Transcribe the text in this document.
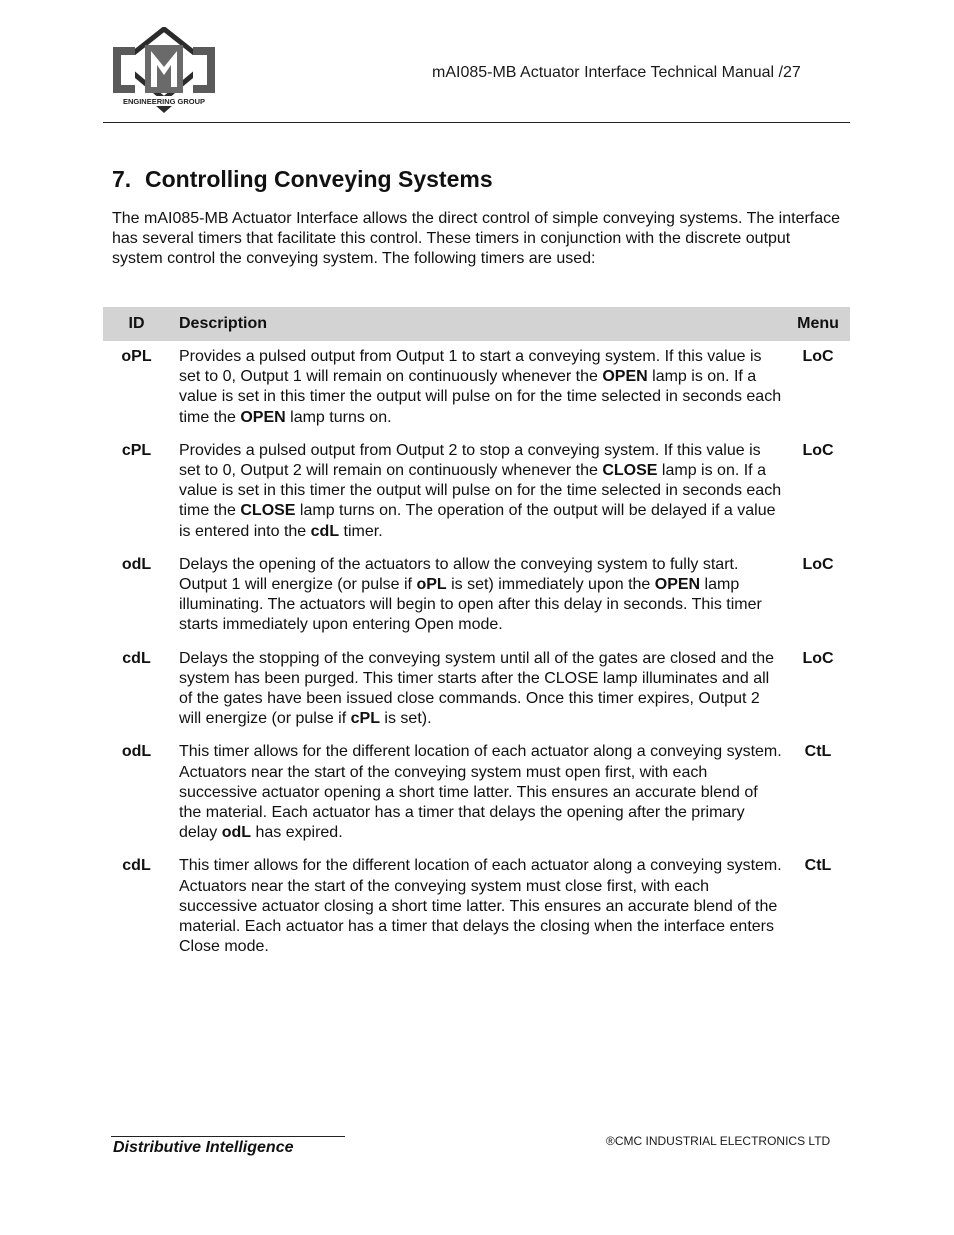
ENGINEERING GROUP
mAI085-MB Actuator Interface Technical Manual /27
7. Controlling Conveying Systems

The mAI085-MB Actuator Interface allows the direct control of simple conveying systems. The interface has several timers that facilitate this control. These timers in conjunction with the discrete output system control the conveying system. The following timers are used:

ID	Description	Menu
oPL	Provides a pulsed output from Output 1 to start a conveying system. If this value is set to 0, Output 1 will remain on continuously whenever the OPEN lamp is on. If a value is set in this timer the output will pulse on for the time selected in seconds each time the OPEN lamp turns on.	LoC
cPL	Provides a pulsed output from Output 2 to stop a conveying system. If this value is set to 0, Output 2 will remain on continuously whenever the CLOSE lamp is on. If a value is set in this timer the output will pulse on for the time selected in seconds each time the CLOSE lamp turns on. The operation of the output will be delayed if a value is entered into the cdL timer.	LoC
odL	Delays the opening of the actuators to allow the conveying system to fully start. Output 1 will energize (or pulse if oPL is set) immediately upon the OPEN lamp illuminating. The actuators will begin to open after this delay in seconds. This timer starts immediately upon entering Open mode.	LoC
cdL	Delays the stopping of the conveying system until all of the gates are closed and the system has been purged. This timer starts after the CLOSE lamp illuminates and all of the gates have been issued close commands. Once this timer expires, Output 2 will energize (or pulse if cPL is set).	LoC
odL	This timer allows for the different location of each actuator along a conveying system. Actuators near the start of the conveying system must open first, with each successive actuator opening a short time latter. This ensures an accurate blend of the material. Each actuator has a timer that delays the opening after the primary delay odL has expired.	CtL
cdL	This timer allows for the different location of each actuator along a conveying system. Actuators near the start of the conveying system must close first, with each successive actuator closing a short time latter. This ensures an accurate blend of the material. Each actuator has a timer that delays the closing when the interface enters Close mode.	CtL
Distributive Intelligence	®CMC INDUSTRIAL ELECTRONICS LTD
